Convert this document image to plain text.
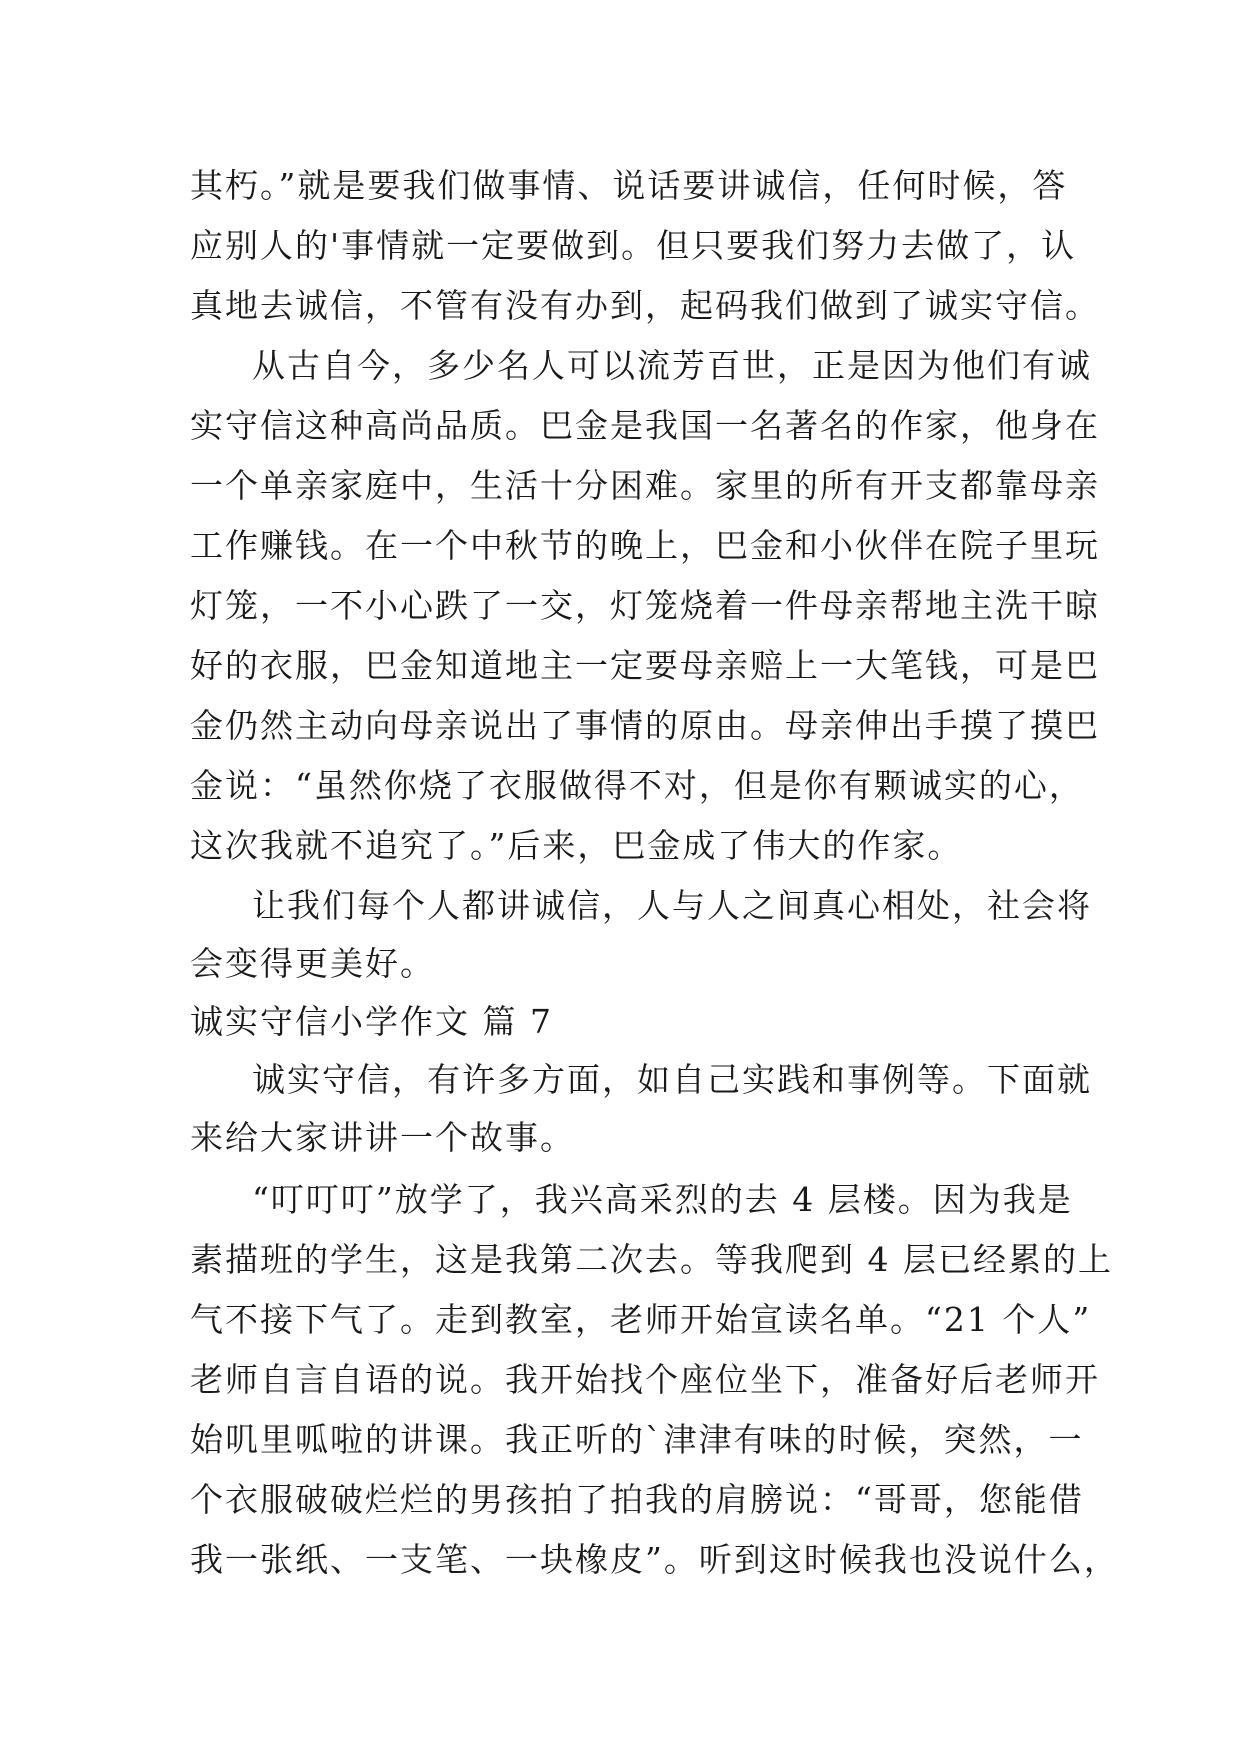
其朽。”就是要我们做事情、说话要讲诚信，任何时候，答
应别人的'事情就一定要做到。但只要我们努力去做了，认
真地去诚信，不管有没有办到，起码我们做到了诚实守信。
从古自今，多少名人可以流芳百世，正是因为他们有诚
实守信这种高尚品质。巴金是我国一名著名的作家，他身在
一个单亲家庭中，生活十分困难。家里的所有开支都靠母亲
工作赚钱。在一个中秋节的晚上，巴金和小伙伴在院子里玩
灯笼，一不小心跌了一交，灯笼烧着一件母亲帮地主洗干晾
好的衣服，巴金知道地主一定要母亲赔上一大笔钱，可是巴
金仍然主动向母亲说出了事情的原由。母亲伸出手摸了摸巴
金说：“虽然你烧了衣服做得不对，但是你有颗诚实的心，
这次我就不追究了。”后来，巴金成了伟大的作家。
让我们每个人都讲诚信，人与人之间真心相处，社会将
会变得更美好。
诚实守信小学作文 篇 7
诚实守信，有许多方面，如自己实践和事例等。下面就
来给大家讲讲一个故事。
“叮叮叮”放学了，我兴高采烈的去 4 层楼。因为我是
素描班的学生，这是我第二次去。等我爬到 4 层已经累的上
气不接下气了。走到教室，老师开始宣读名单。“21 个人”
老师自言自语的说。我开始找个座位坐下，准备好后老师开
始叽里呱啦的讲课。我正听的`津津有味的时候，突然，一
个衣服破破烂烂的男孩拍了拍我的肩膀说：“哥哥，您能借
我一张纸、一支笔、一块橡皮”。听到这时候我也没说什么，
